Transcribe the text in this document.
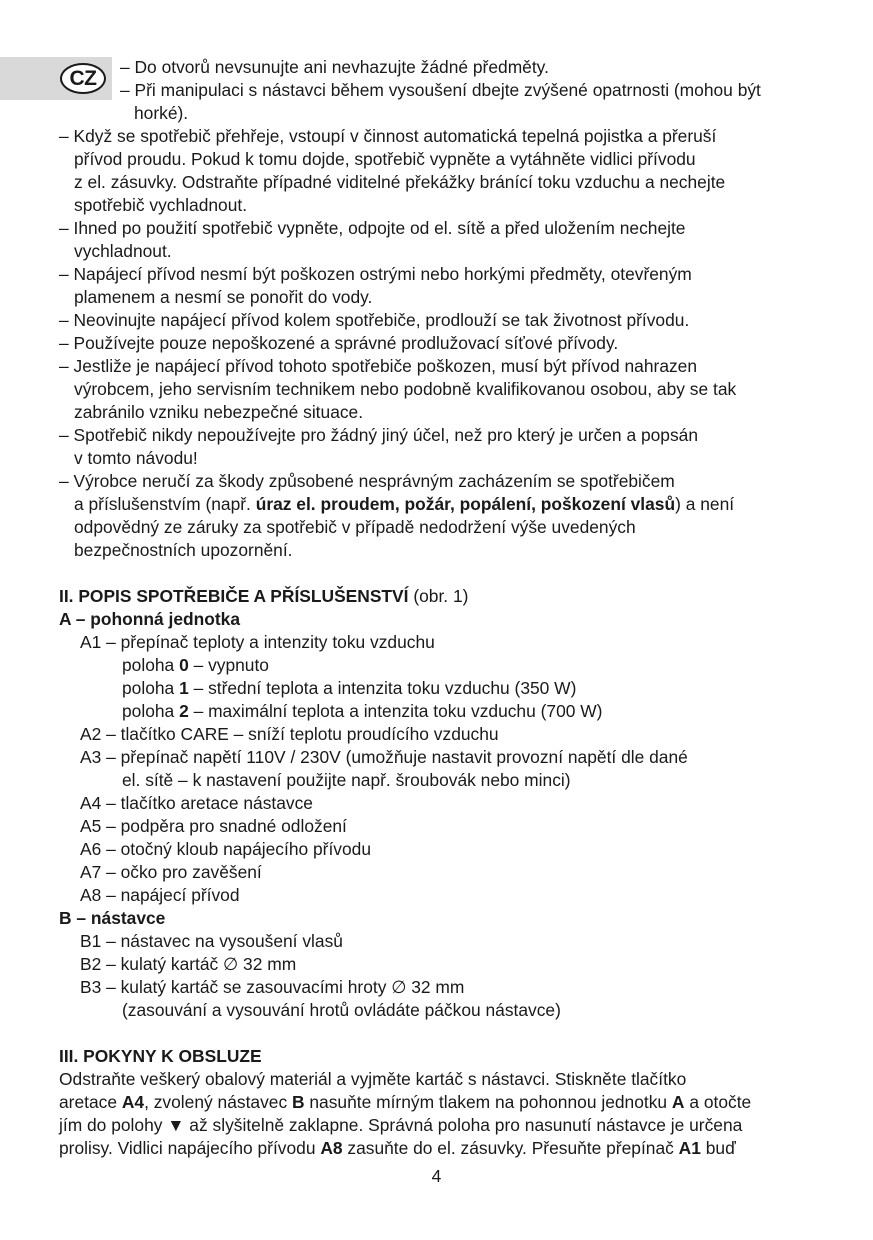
CZ	– Do otvorů nevsunujte ani nevhazujte žádné předměty.
– Při manipulaci s nástavci během vysoušení dbejte zvýšené opatrnosti (mohou být
horké).
– Když se spotřebič přehřeje, vstoupí v činnost automatická tepelná pojistka a přeruší
přívod proudu. Pokud k tomu dojde, spotřebič vypněte a vytáhněte vidlici přívodu
z el. zásuvky. Odstraňte případné viditelné překážky bránící toku vzduchu a nechejte
spotřebič vychladnout.
– Ihned po použití spotřebič vypněte, odpojte od el. sítě a před uložením nechejte
vychladnout.
– Napájecí přívod nesmí být poškozen ostrými nebo horkými předměty, otevřeným
plamenem a nesmí se ponořit do vody.
– Neovinujte napájecí přívod kolem spotřebiče, prodlouží se tak životnost přívodu.
– Používejte pouze nepoškozené a správné prodlužovací síťové přívody.
– Jestliže je napájecí přívod tohoto spotřebiče poškozen, musí být přívod nahrazen
výrobcem, jeho servisním technikem nebo podobně kvalifikovanou osobou, aby se tak
zabránilo vzniku nebezpečné situace.
– Spotřebič nikdy nepoužívejte pro žádný jiný účel, než pro který je určen a popsán
v tomto návodu!
– Výrobce neručí za škody způsobené nesprávným zacházením se spotřebičem
a příslušenstvím (např. úraz el. proudem, požár, popálení, poškození vlasů) a není
odpovědný ze záruky za spotřebič v případě nedodržení výše uvedených
bezpečnostních upozornění.
II. POPIS SPOTŘEBIČE A PŘÍSLUŠENSTVÍ (obr. 1)
A – pohonná jednotka
A1 – přepínač teploty a intenzity toku vzduchu
poloha 0 – vypnuto
poloha 1 – střední teplota a intenzita toku vzduchu (350 W)
poloha 2 – maximální teplota a intenzita toku vzduchu (700 W)
A2 – tlačítko CARE – sníží teplotu proudícího vzduchu
A3 – přepínač napětí 110V / 230V (umožňuje nastavit provozní napětí dle dané
el. sítě – k nastavení použijte např. šroubovák nebo minci)
A4 – tlačítko aretace nástavce
A5 – podpěra pro snadné odložení
A6 – otočný kloub napájecího přívodu
A7 – očko pro zavěšení
A8 – napájecí přívod
B – nástavce
B1 – nástavec na vysoušení vlasů
B2 – kulatý kartáč ∅ 32 mm
B3 – kulatý kartáč se zasouvacími hroty ∅ 32 mm
(zasouvání a vysouvání hrotů ovládáte páčkou nástavce)
III. POKYNY K OBSLUZE
Odstraňte veškerý obalový materiál a vyjměte kartáč s nástavci. Stiskněte tlačítko
aretace A4, zvolený nástavec B nasuňte mírným tlakem na pohonnou jednotku A a otočte
jím do polohy ▼ až slyšitelně zaklapne. Správná poloha pro nasunutí nástavce je určena
prolisy. Vidlici napájecího přívodu A8 zasuňte do el. zásuvky. Přesuňte přepínač A1 buď
4
